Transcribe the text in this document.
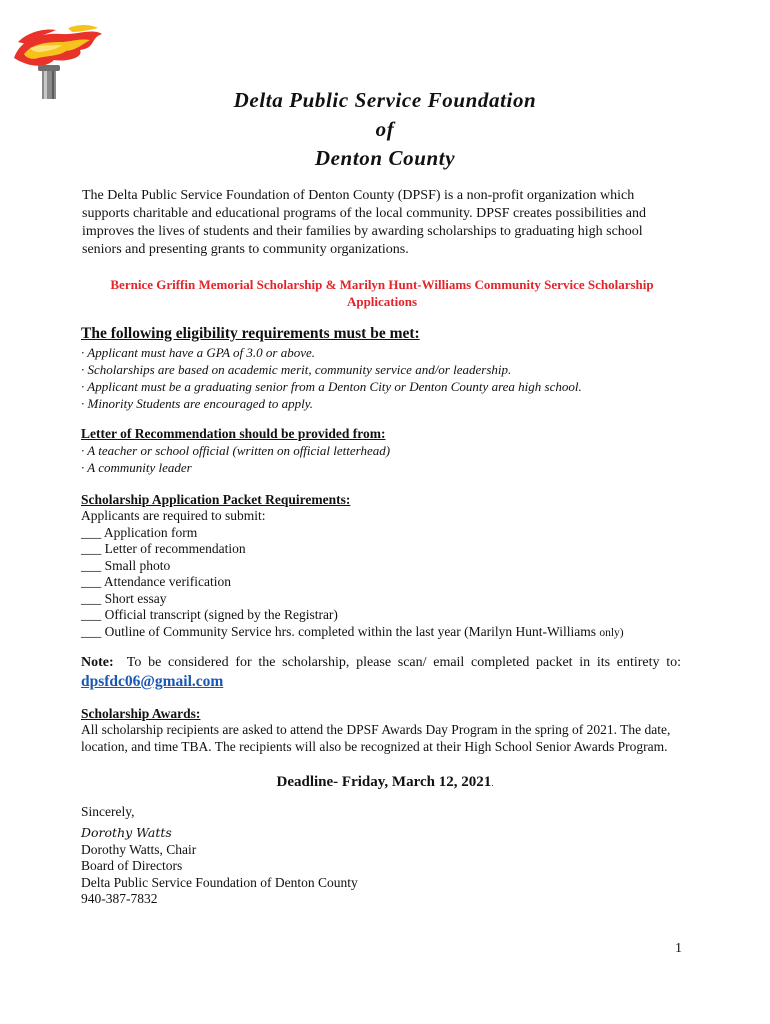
Delta Public Service Foundation

of

Denton County

The Delta Public Service Foundation of Denton County (DPSF) is a non-profit organization which supports charitable and educational programs of the local community. DPSF creates possibilities and improves the lives of students and their families by awarding scholarships to graduating high school seniors and presenting grants to community organizations.

Bernice Griffin Memorial Scholarship & Marilyn Hunt-Williams Community Service Scholarship
Applications

The following eligibility requirements must be met:

· Applicant must have a GPA of 3.0 or above.
· Scholarships are based on academic merit, community service and/or leadership.
· Applicant must be a graduating senior from a Denton City or Denton County area high school.
· Minority Students are encouraged to apply.

Letter of Recommendation should be provided from:

· A teacher or school official (written on official letterhead)
· A community leader

Scholarship Application Packet Requirements:

Applicants are required to submit:
___ Application form
___ Letter of recommendation
___ Small photo
___ Attendance verification
___ Short essay
___ Official transcript (signed by the Registrar)
___ Outline of Community Service hrs. completed within the last year (Marilyn Hunt-Williams only)

Note: To be considered for the scholarship, please scan/ email completed packet in its entirety to:

dpsfdc06@gmail.com

Scholarship Awards:

All scholarship recipients are asked to attend the DPSF Awards Day Program in the spring of 2021. The date, location, and time TBA. The recipients will also be recognized at their High School Senior Awards Program.

Deadline- Friday, March 12, 2021.

Sincerely,

Dorothy Watts

Dorothy Watts, Chair

Board of Directors

Delta Public Service Foundation of Denton County

940-387-7832

1
